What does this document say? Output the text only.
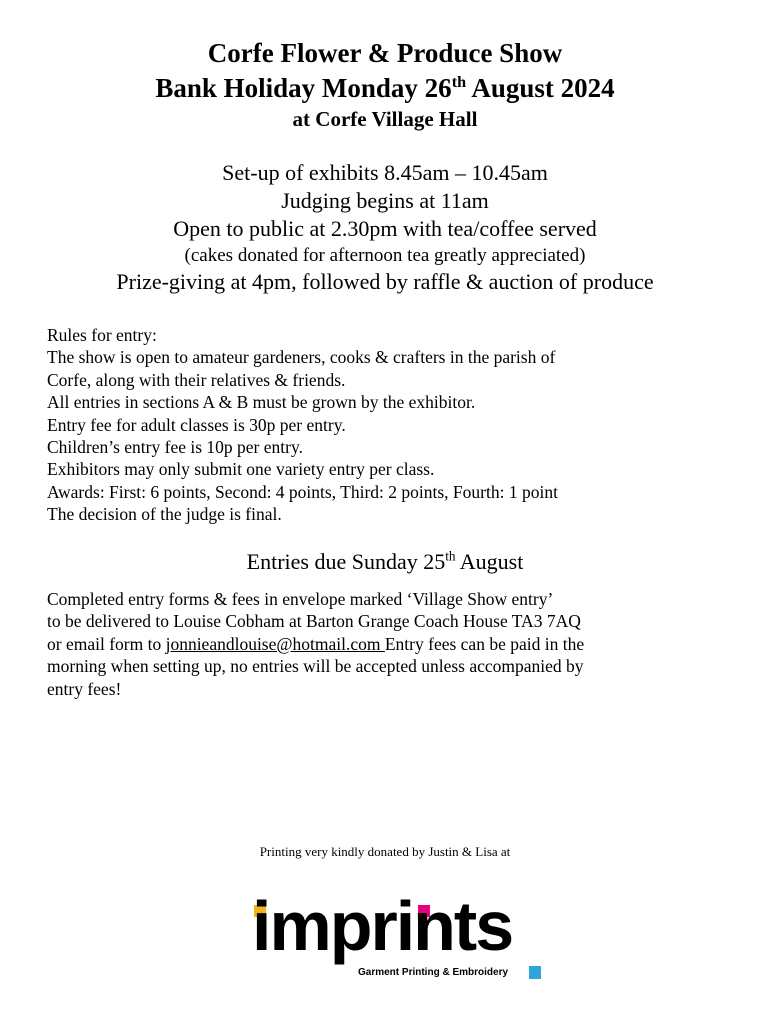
Corfe Flower & Produce Show
Bank Holiday Monday 26th August 2024
at Corfe Village Hall
Set-up of exhibits 8.45am – 10.45am
Judging begins at 11am
Open to public at 2.30pm with tea/coffee served
(cakes donated for afternoon tea greatly appreciated)
Prize-giving at 4pm, followed by raffle & auction of produce
Rules for entry:
The show is open to amateur gardeners, cooks & crafters in the parish of
Corfe, along with their relatives & friends.
All entries in sections A & B must be grown by the exhibitor.
Entry fee for adult classes is 30p per entry.
Children’s entry fee is 10p per entry.
Exhibitors may only submit one variety entry per class.
Awards: First: 6 points, Second: 4 points, Third: 2 points, Fourth: 1 point
The decision of the judge is final.
Entries due Sunday 25th August
Completed entry forms & fees in envelope marked ‘Village Show entry’
to be delivered to Louise Cobham at Barton Grange Coach House TA3 7AQ
or email form to jonnieandlouise@hotmail.com Entry fees can be paid in the
morning when setting up, no entries will be accepted unless accompanied by
entry fees!
Printing very kindly donated by Justin & Lisa at
imprints
Garment Printing & Embroidery
